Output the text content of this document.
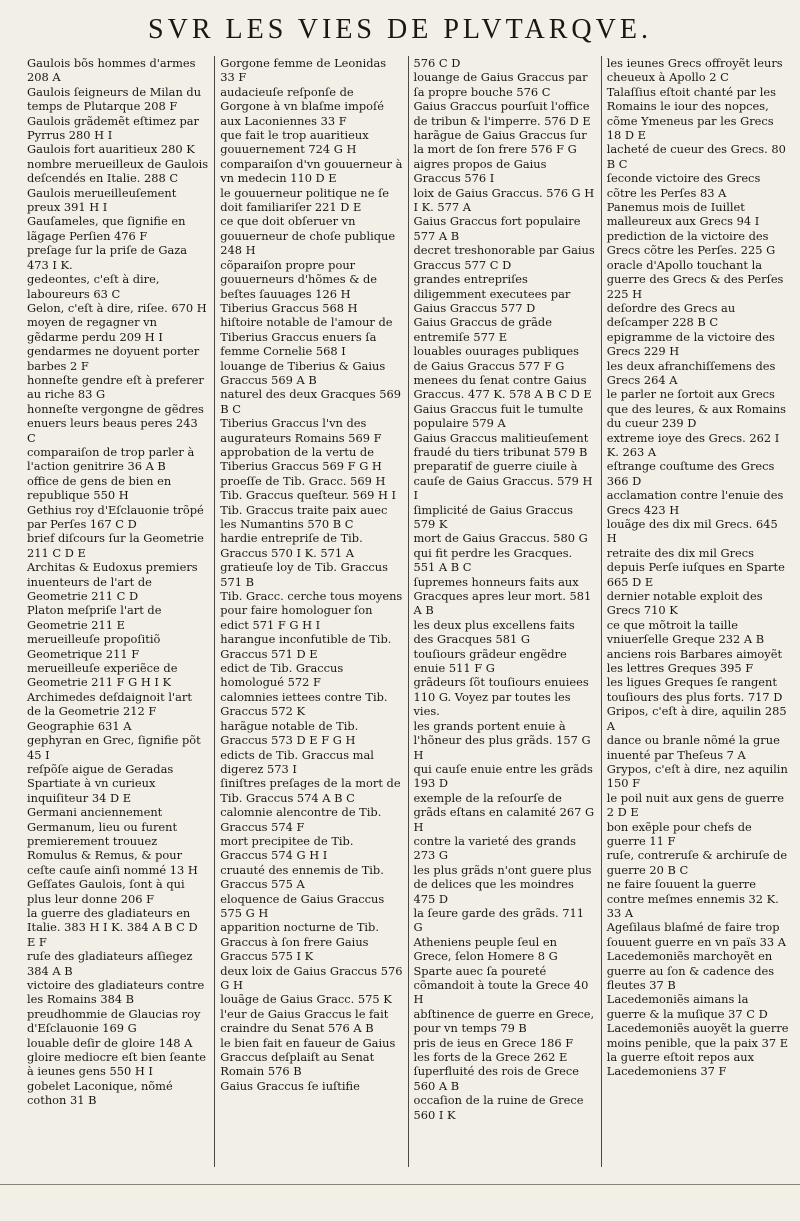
SVR LES VIES DE PLVTARQVE.

Gaulois bõs hommes d'armes 208 A

Gaulois ſeigneurs de Milan du temps de Plutarque 208 F

Gaulois grãdemẽt eſtimez par Pyrrus 280 H I

Gaulois fort auaritieux 280 K

nombre merueilleux de Gaulois deſcendés en Italie. 288 C

Gaulois merueilleuſement preux 391 H I

Gauſameles, que ſignifie en lãgage Perſien 476 F

preſage ſur la priſe de Gaza 473 I K.

gedeontes, c'eſt à dire, laboureurs 63 C

Gelon, c'eſt à dire, riſee. 670 H

moyen de regagner vn gẽdarme perdu 209 H I

gendarmes ne doyuent porter barbes 2 F

honneſte gendre eſt à preferer au riche 83 G

honneſte vergongne de gẽdres enuers leurs beaus peres 243 C

comparaiſon de trop parler à l'action genitrire 36 A B

office de gens de bien en republique 550 H

Gethius roy d'Eſclauonie trõpé par Perſes 167 C D

brief diſcours ſur la Geometrie 211 C D E

Architas & Eudoxus premiers inuenteurs de l'art de Geometrie 211 C D

Platon meſpriſe l'art de Geometrie 211 E

merueilleuſe propoſitiõ Geometrique 211 F

merueilleuſe experiẽce de Geometrie 211 F G H I K

Archimedes deſdaignoit l'art de la Geometrie 212 F

Geographie 631 A

gephyran en Grec, ſignifie põt 45 I

reſpõſe aigue de Geradas Spartiate à vn curieux inquiſiteur 34 D E

Germani anciennement Germanum, lieu ou furent premierement trouuez Romulus & Remus, & pour ceſte cauſe ainſi nommé 13 H

Geſſates Gaulois, ſont à qui plus leur donne 206 F

la guerre des gladiateurs en Italie. 383 H I K. 384 A B C D E F

ruſe des gladiateurs aſſiegez 384 A B

victoire des gladiateurs contre les Romains 384 B

preudhommie de Glaucias roy d'Eſclauonie 169 G

louable deſir de gloire 148 A

gloire mediocre eſt bien ſeante à ieunes gens 550 H I

gobelet Laconique, nõmé cothon 31 B

Gorgone femme de Leonidas 33 F

audacieuſe reſponſe de Gorgone à vn blaſme impoſé aux Laconiennes 33 F

que fait le trop auaritieux gouuernement 724 G H

comparaiſon d'vn gouuerneur à vn medecin 110 D E

le gouuerneur politique ne ſe doit familiariſer 221 D E

ce que doit obſeruer vn gouuerneur de choſe publique 248 H

cõparaiſon propre pour gouuerneurs d'hõmes & de beſtes ſauuages 126 H

Tiberius Graccus 568 H

hiſtoire notable de l'amour de Tiberius Graccus enuers ſa femme Cornelie 568 I

louange de Tiberius & Gaius Graccus 569 A B

naturel des deux Gracques 569 B C

Tiberius Graccus l'vn des augurateurs Romains 569 F

approbation de la vertu de Tiberius Graccus 569 F G H

proeſſe de Tib. Gracc. 569 H

Tib. Graccus queſteur. 569 H I

Tib. Graccus traite paix auec les Numantins 570 B C

hardie entrepriſe de Tib. Graccus 570 I K. 571 A

gratieuſe loy de Tib. Graccus 571 B

Tib. Gracc. cerche tous moyens pour faire homologuer ſon edict 571 F G H I

harangue inconfutible de Tib. Graccus 571 D E

edict de Tib. Graccus homologué 572 F

calomnies iettees contre Tib. Graccus 572 K

harãgue notable de Tib. Graccus 573 D E F G H

edicts de Tib. Graccus mal digerez 573 I

ſiniſtres preſages de la mort de Tib. Graccus 574 A B C

calomnie alencontre de Tib. Graccus 574 F

mort precipitee de Tib. Graccus 574 G H I

cruauté des ennemis de Tib. Graccus 575 A

eloquence de Gaius Graccus 575 G H

apparition nocturne de Tib. Graccus à ſon frere Gaius Graccus 575 I K

deux loix de Gaius Graccus 576 G H

louãge de Gaius Gracc. 575 K

l'eur de Gaius Graccus le fait craindre du Senat 576 A B

le bien fait en faueur de Gaius Graccus deſplaiſt au Senat Romain 576 B

Gaius Graccus ſe iuſtifie

576 C D

louange de Gaius Graccus par ſa propre bouche 576 C

Gaius Graccus pourſuit l'office de tribun & l'imperre. 576 D E

harãgue de Gaius Graccus ſur la mort de ſon frere 576 F G

aigres propos de Gaius Graccus 576 I

loix de Gaius Graccus. 576 G H I K. 577 A

Gaius Graccus fort populaire 577 A B

decret treshonorable par Gaius Graccus 577 C D

grandes entrepriſes diligemment executees par Gaius Graccus 577 D

Gaius Graccus de grãde entremiſe 577 E

louables ouurages publiques de Gaius Graccus 577 F G

menees du ſenat contre Gaius Graccus. 477 K. 578 A B C D E

Gaius Graccus fuit le tumulte populaire 579 A

Gaius Graccus malitieuſement fraudé du tiers tribunat 579 B

preparatif de guerre ciuile à cauſe de Gaius Graccus. 579 H I

ſimplicité de Gaius Graccus 579 K

mort de Gaius Graccus. 580 G

qui fit perdre les Gracques. 551 A B C

ſupremes honneurs faits aux Gracques apres leur mort. 581 A B

les deux plus excellens faits des Gracques 581 G

touſiours grãdeur engẽdre enuie 511 F G

grãdeurs ſõt touſiours enuiees 110 G. Voyez par toutes les vies.

les grands portent enuie à l'hõneur des plus grãds. 157 G H

qui cauſe enuie entre les grãds 193 D

exemple de la reſourſe de grãds eſtans en calamité 267 G H

contre la varieté des grands 273 G

les plus grãds n'ont guere plus de delices que les moindres 475 D

la ſeure garde des grãds. 711 G

Atheniens peuple ſeul en Grece, ſelon Homere 8 G

Sparte auec ſa poureté cõmandoit à toute la Grece 40 H

abſtinence de guerre en Grece, pour vn temps 79 B

pris de ieus en Grece 186 F

les forts de la Grece 262 E

ſuperfluité des rois de Grece 560 A B

occaſion de la ruine de Grece 560 I K

les ieunes Grecs offroyẽt leurs cheueux à Apollo 2 C

Talaſſius eſtoit chanté par les Romains le iour des nopces, cõme Ymeneus par les Grecs 18 D E

lacheté de cueur des Grecs. 80 B C

ſeconde victoire des Grecs cõtre les Perſes 83 A

Panemus mois de Iuillet malleureux aux Grecs 94 I

prediction de la victoire des Grecs cõtre les Perſes. 225 G

oracle d'Apollo touchant la guerre des Grecs & des Perſes 225 H

deſordre des Grecs au deſcamper 228 B C

epigramme de la victoire des Grecs 229 H

les deux afranchiſſemens des Grecs 264 A

le parler ne ſortoit aux Grecs que des leures, & aux Romains du cueur 239 D

extreme ioye des Grecs. 262 I K. 263 A

eſtrange couſtume des Grecs 366 D

acclamation contre l'enuie des Grecs 423 H

louãge des dix mil Grecs. 645 H

retraite des dix mil Grecs depuis Perſe iuſques en Sparte 665 D E

dernier notable exploit des Grecs 710 K

ce que mõtroit la taille vniuerſelle Greque 232 A B

anciens rois Barbares aimoyẽt les lettres Greques 395 F

les ligues Greques ſe rangent touſiours des plus forts. 717 D

Gripos, c'eſt à dire, aquilin 285 A

dance ou branle nõmé la grue inuenté par Theſeus 7 A

Grypos, c'eſt à dire, nez aquilin 150 F

le poil nuit aux gens de guerre 2 D E

bon exẽple pour chefs de guerre 11 F

ruſe, contreruſe & archiruſe de guerre 20 B C

ne faire ſouuent la guerre contre meſmes ennemis 32 K. 33 A

Ageſilaus blaſmé de faire trop ſouuent guerre en vn païs 33 A

Lacedemoniẽs marchoyẽt en guerre au ſon & cadence des fleutes 37 B

Lacedemoniẽs aimans la guerre & la muſique 37 C D

Lacedemoniẽs auoyẽt la guerre moins penible, que la paix 37 E

la guerre eſtoit repos aux Lacedemoniens 37 F
